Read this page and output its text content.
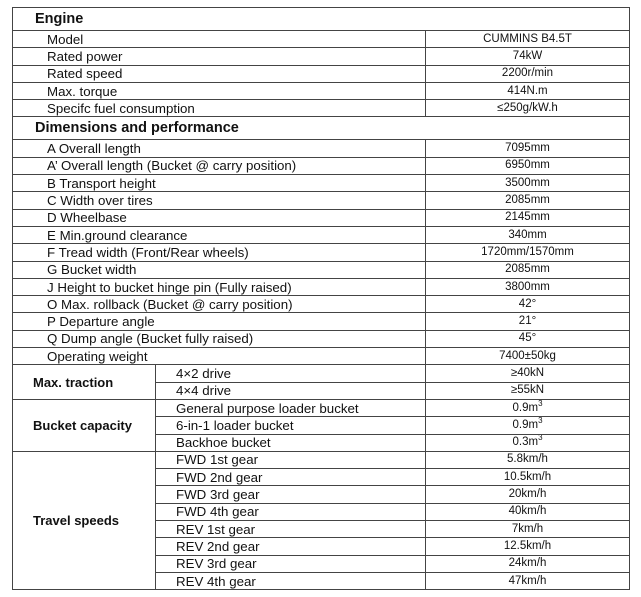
Engine		
Model		CUMMINS B4.5T
Rated power		74kW
Rated speed		2200r/min
Max. torque		414N.m
Specifc fuel consumption		≤250g/kW.h
Dimensions and performance		
A Overall length		7095mm
A’ Overall length (Bucket @ carry position)		6950mm
B Transport height		3500mm
C Width over tires		2085mm
D Wheelbase		2145mm
E Min.ground clearance		340mm
F Tread width (Front/Rear wheels)		1720mm/1570mm
G Bucket width		2085mm
J Height to bucket hinge pin (Fully raised)		3800mm
O Max. rollback (Bucket @ carry position)		42°
P Departure angle		21°
Q Dump angle (Bucket fully raised)		45°
Operating weight		7400±50kg
Max. traction	4×2 drive	≥40kN
	4×4 drive	≥55kN
Bucket capacity	General purpose loader bucket	$0.9m^3$
	6-in-1 loader bucket	$0.9m^3$
	Backhoe bucket	$0.3m^3$
Travel speeds	FWD 1st gear	5.8km/h
	FWD 2nd gear	10.5km/h
	FWD 3rd gear	20km/h
	FWD 4th gear	40km/h
	REV 1st gear	7km/h
	REV 2nd gear	12.5km/h
	REV 3rd gear	24km/h
	REV 4th gear	47km/h
